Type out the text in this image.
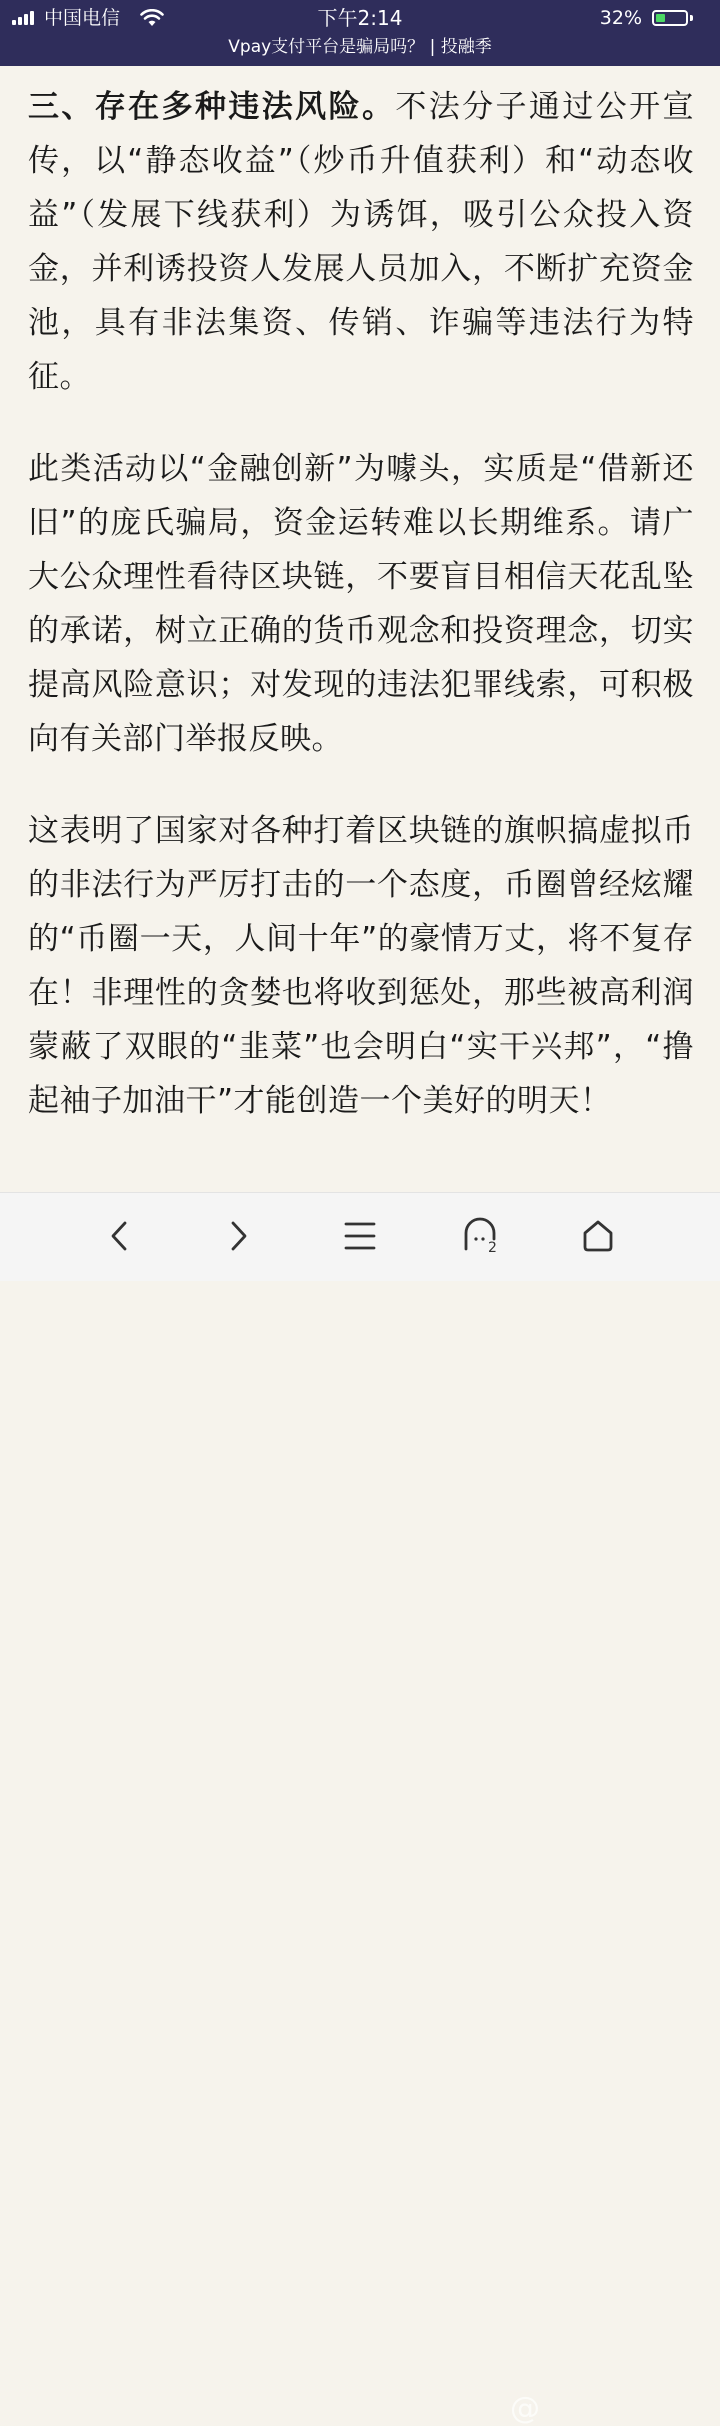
中国电信	下午2:14	32%
Vpay支付平台是骗局吗？ | 投融季

三、存在多种违法风险。不法分子通过公开宣传，以“静态收益”（炒币升值获利）和“动态收益”（发展下线获利）为诱饵，吸引公众投入资金，并利诱投资人发展人员加入，不断扩充资金池，具有非法集资、传销、诈骗等违法行为特征。

此类活动以“金融创新”为噱头，实质是“借新还旧”的庞氏骗局，资金运转难以长期维系。请广大公众理性看待区块链，不要盲目相信天花乱坠的承诺，树立正确的货币观念和投资理念，切实提高风险意识；对发现的违法犯罪线索，可积极向有关部门举报反映。

这表明了国家对各种打着区块链的旗帜搞虚拟币的非法行为严厉打击的一个态度，币圈曾经炫耀的“币圈一天，人间十年”的豪情万丈，将不复存在！非理性的贪婪也将收到惩处，那些被高利润蒙蔽了双眼的“韭菜”也会明白“实干兴邦”，“撸起袖子加油干”才能创造一个美好的明天！

2
@
